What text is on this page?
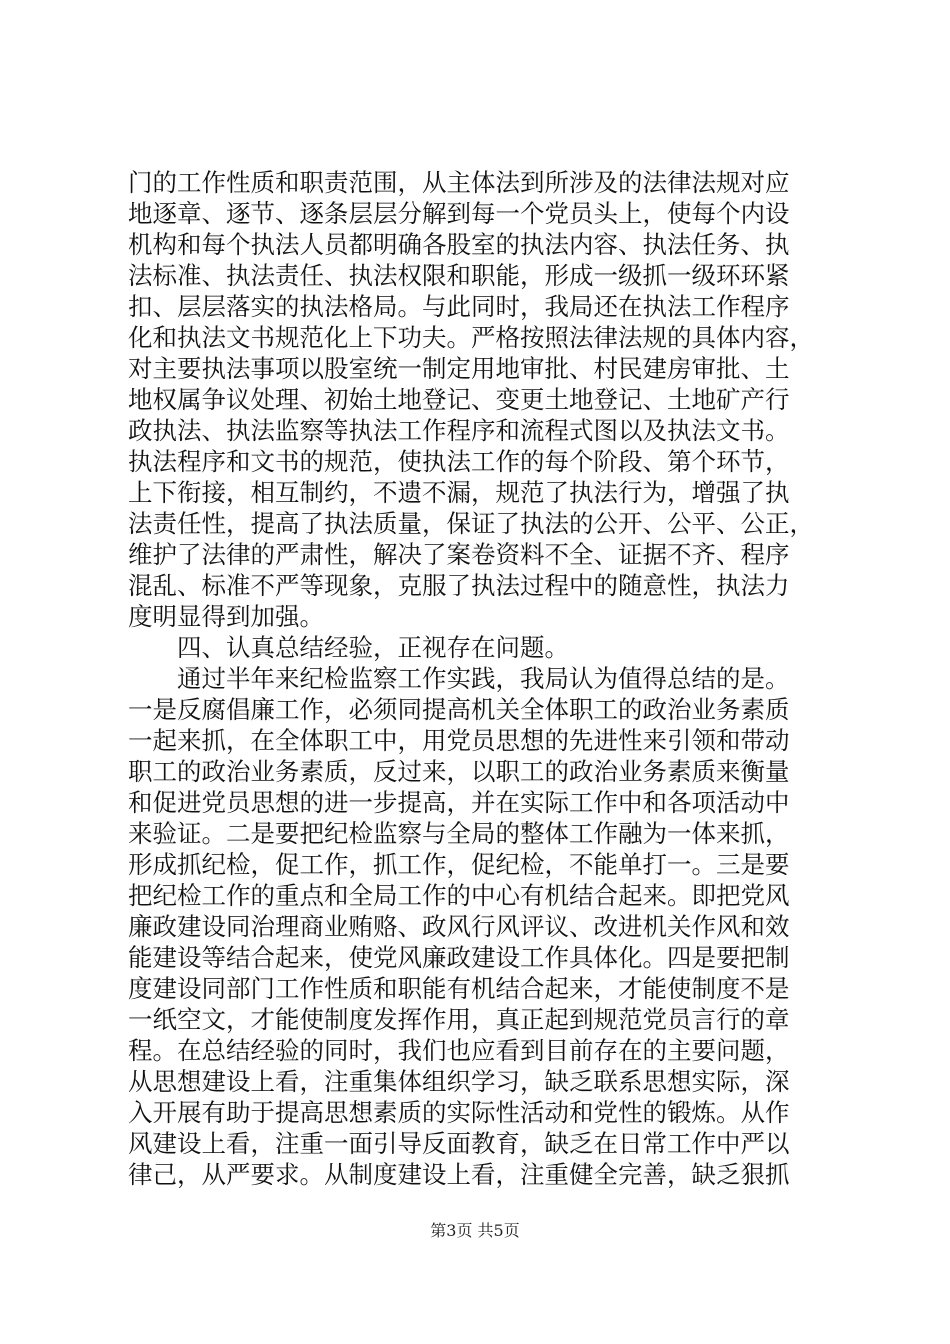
门的工作性质和职责范围，从主体法到所涉及的法律法规对应
地逐章、逐节、逐条层层分解到每一个党员头上，使每个内设
机构和每个执法人员都明确各股室的执法内容、执法任务、执
法标准、执法责任、执法权限和职能，形成一级抓一级环环紧
扣、层层落实的执法格局。与此同时，我局还在执法工作程序
化和执法文书规范化上下功夫。严格按照法律法规的具体内容，
对主要执法事项以股室统一制定用地审批、村民建房审批、土
地权属争议处理、初始土地登记、变更土地登记、土地矿产行
政执法、执法监察等执法工作程序和流程式图以及执法文书。
执法程序和文书的规范，使执法工作的每个阶段、第个环节，
上下衔接，相互制约，不遗不漏，规范了执法行为，增强了执
法责任性，提高了执法质量，保证了执法的公开、公平、公正，
维护了法律的严肃性，解决了案卷资料不全、证据不齐、程序
混乱、标准不严等现象，克服了执法过程中的随意性，执法力
度明显得到加强。
　　四、认真总结经验，正视存在问题。
　　通过半年来纪检监察工作实践，我局认为值得总结的是。
一是反腐倡廉工作，必须同提高机关全体职工的政治业务素质
一起来抓，在全体职工中，用党员思想的先进性来引领和带动
职工的政治业务素质，反过来，以职工的政治业务素质来衡量
和促进党员思想的进一步提高，并在实际工作中和各项活动中
来验证。二是要把纪检监察与全局的整体工作融为一体来抓，
形成抓纪检，促工作，抓工作，促纪检，不能单打一。三是要
把纪检工作的重点和全局工作的中心有机结合起来。即把党风
廉政建设同治理商业贿赂、政风行风评议、改进机关作风和效
能建设等结合起来，使党风廉政建设工作具体化。四是要把制
度建设同部门工作性质和职能有机结合起来，才能使制度不是
一纸空文，才能使制度发挥作用，真正起到规范党员言行的章
程。在总结经验的同时，我们也应看到目前存在的主要问题，
从思想建设上看，注重集体组织学习，缺乏联系思想实际，深
入开展有助于提高思想素质的实际性活动和党性的锻炼。从作
风建设上看，注重一面引导反面教育，缺乏在日常工作中严以
律己，从严要求。从制度建设上看，注重健全完善，缺乏狠抓
第3页 共5页
